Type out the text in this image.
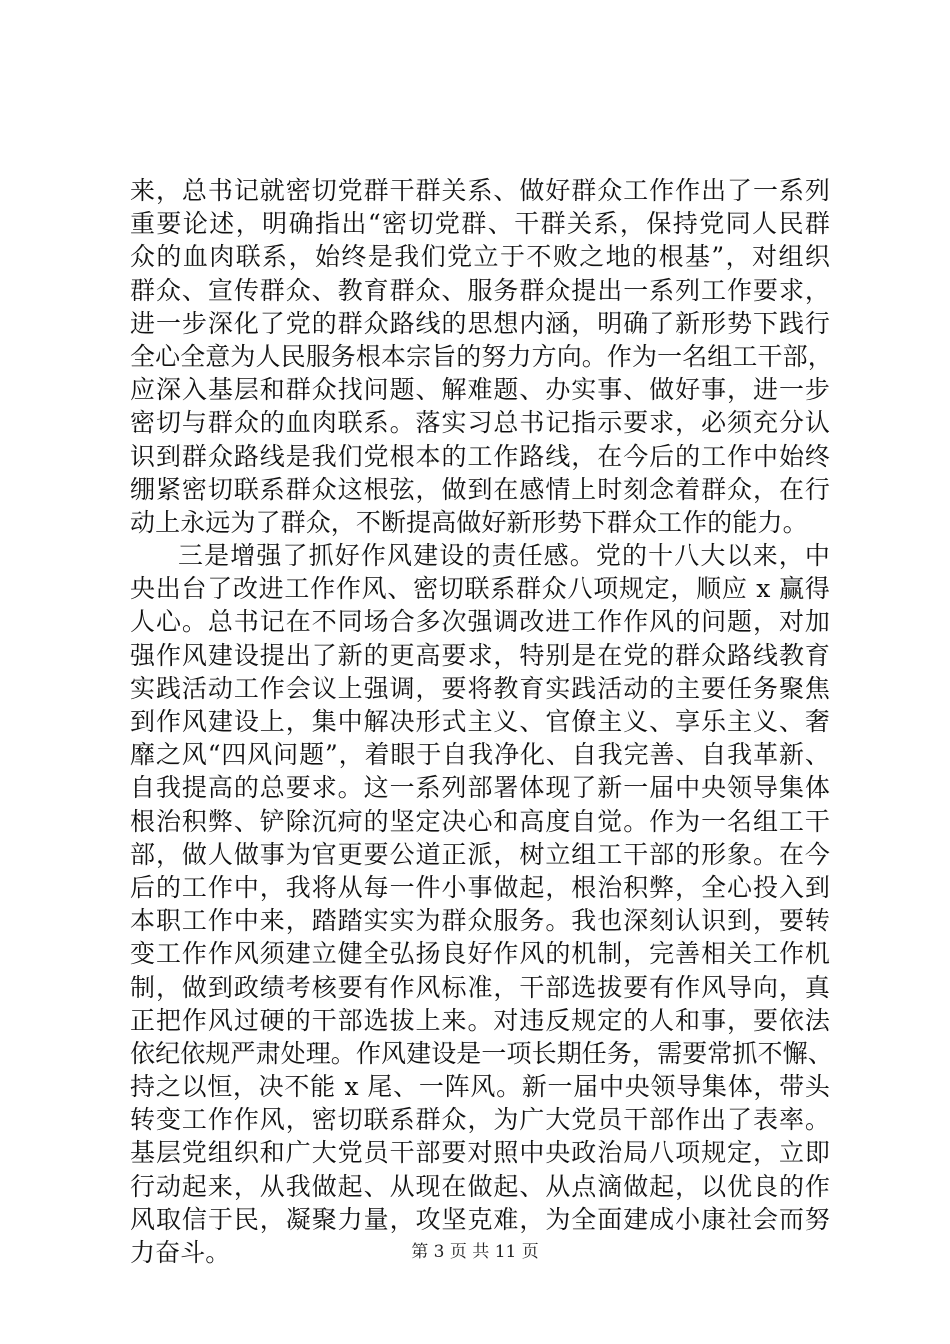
来，总书记就密切党群干群关系、做好群众工作作出了一系列
重要论述，明确指出“密切党群、干群关系，保持党同人民群
众的血肉联系，始终是我们党立于不败之地的根基”，对组织
群众、宣传群众、教育群众、服务群众提出一系列工作要求，
进一步深化了党的群众路线的思想内涵，明确了新形势下践行
全心全意为人民服务根本宗旨的努力方向。作为一名组工干部，
应深入基层和群众找问题、解难题、办实事、做好事，进一步
密切与群众的血肉联系。落实习总书记指示要求，必须充分认
识到群众路线是我们党根本的工作路线，在今后的工作中始终
绷紧密切联系群众这根弦，做到在感情上时刻念着群众，在行
动上永远为了群众，不断提高做好新形势下群众工作的能力。
三是增强了抓好作风建设的责任感。党的十八大以来，中
央出台了改进工作作风、密切联系群众八项规定，顺应 x 赢得
人心。总书记在不同场合多次强调改进工作作风的问题，对加
强作风建设提出了新的更高要求，特别是在党的群众路线教育
实践活动工作会议上强调，要将教育实践活动的主要任务聚焦
到作风建设上，集中解决形式主义、官僚主义、享乐主义、奢
靡之风“四风问题”，着眼于自我净化、自我完善、自我革新、
自我提高的总要求。这一系列部署体现了新一届中央领导集体
根治积弊、铲除沉疴的坚定决心和高度自觉。作为一名组工干
部，做人做事为官更要公道正派，树立组工干部的形象。在今
后的工作中，我将从每一件小事做起，根治积弊，全心投入到
本职工作中来，踏踏实实为群众服务。我也深刻认识到，要转
变工作作风须建立健全弘扬良好作风的机制，完善相关工作机
制，做到政绩考核要有作风标准，干部选拔要有作风导向，真
正把作风过硬的干部选拔上来。对违反规定的人和事，要依法
依纪依规严肃处理。作风建设是一项长期任务，需要常抓不懈、
持之以恒，决不能 x 尾、一阵风。新一届中央领导集体，带头
转变工作作风，密切联系群众，为广大党员干部作出了表率。
基层党组织和广大党员干部要对照中央政治局八项规定，立即
行动起来，从我做起、从现在做起、从点滴做起，以优良的作
风取信于民，凝聚力量，攻坚克难，为全面建成小康社会而努
力奋斗。	第 3 页 共 11 页
